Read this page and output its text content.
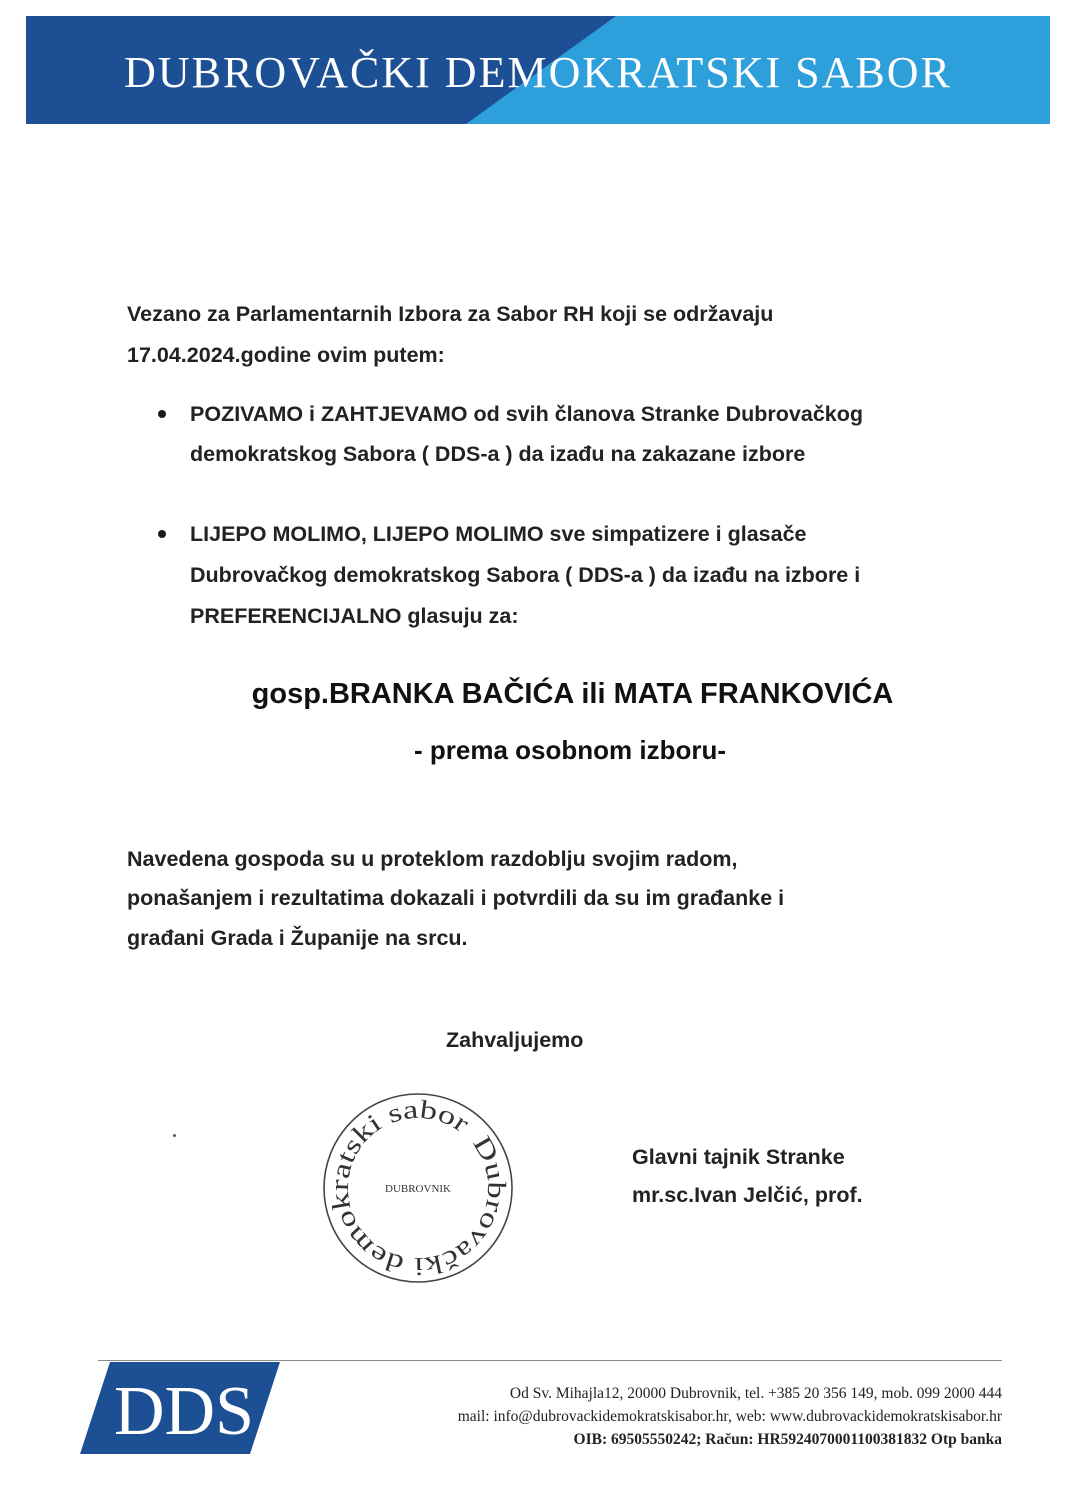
DUBROVAČKI DEMOKRATSKI SABOR
Vezano za Parlamentarnih Izbora za Sabor RH koji se održavaju
17.04.2024.godine ovim putem:
POZIVAMO i ZAHTJEVAMO od svih članova Stranke Dubrovačkog
demokratskog Sabora ( DDS-a ) da izađu na zakazane izbore
LIJEPO MOLIMO, LIJEPO MOLIMO sve simpatizere i glasače
Dubrovačkog demokratskog Sabora ( DDS-a ) da izađu na izbore i
PREFERENCIJALNO glasuju za:
gosp.BRANKA BAČIĆA ili MATA FRANKOVIĆA
- prema osobnom izboru-
Navedena gospoda su u proteklom razdoblju svojim radom,
ponašanjem i rezultatima dokazali i potvrdili da su im građanke i
građani Grada i Županije na srcu.
Zahvaljujemo
Dubrovački demokratski sabor
DUBROVNIK
Glavni tajnik Stranke
mr.sc.Ivan Jelčić, prof.
DDS	Od Sv. Mihajla12, 20000 Dubrovnik, tel. +385 20 356 149, mob. 099 2000 444
mail: info@dubrovackidemokratskisabor.hr, web: www.dubrovackidemokratskisabor.hr
OIB: 69505550242; Račun: HR5924070001100381832 Otp banka
